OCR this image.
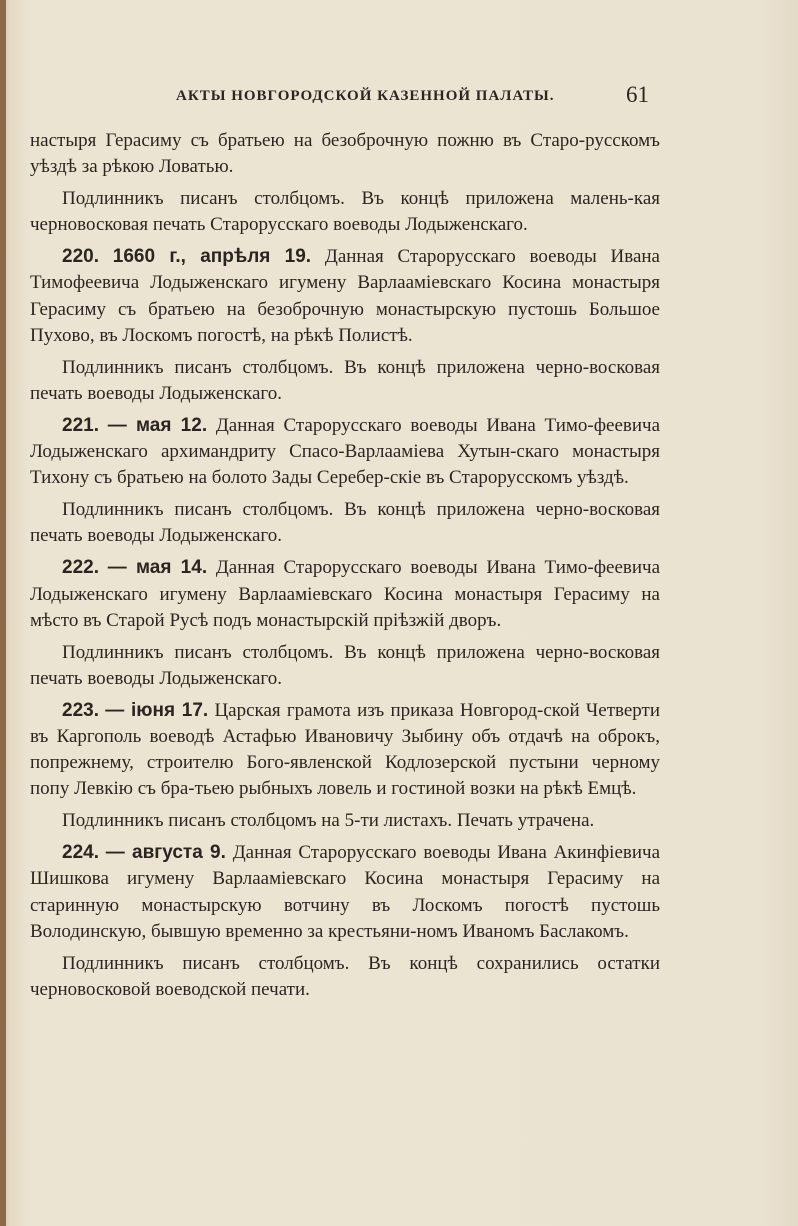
АКТЫ НОВГОРОДСКОЙ КАЗЕННОЙ ПАЛАТЫ.	61

настыря Герасиму съ братьею на безоброчную пожню въ Старо-русскомъ уѣздѣ за рѣкою Ловатью.

Подлинникъ писанъ столбцомъ. Въ концѣ приложена малень-кая черновосковая печать Старорусскаго воеводы Лодыженскаго.

220. 1660 г., апрѣля 19. Данная Старорусскаго воеводы Ивана Тимофеевича Лодыженскаго игумену Варлааміевскаго Косина монастыря Герасиму съ братьею на безоброчную монастырскую пустошь Большое Пухово, въ Лоскомъ погостѣ, на рѣкѣ Полистѣ.

Подлинникъ писанъ столбцомъ. Въ концѣ приложена черно-восковая печать воеводы Лодыженскаго.

221. — мая 12. Данная Старорусскаго воеводы Ивана Тимо-феевича Лодыженскаго архимандриту Спасо-Варлааміева Хутын-скаго монастыря Тихону съ братьею на болото Зады Серебер-скіе въ Старорусскомъ уѣздѣ.

Подлинникъ писанъ столбцомъ. Въ концѣ приложена черно-восковая печать воеводы Лодыженскаго.

222. — мая 14. Данная Старорусскаго воеводы Ивана Тимо-феевича Лодыженскаго игумену Варлааміевскаго Косина монастыря Герасиму на мѣсто въ Старой Русѣ подъ монастырскій пріѣзжій дворъ.

Подлинникъ писанъ столбцомъ. Въ концѣ приложена черно-восковая печать воеводы Лодыженскаго.

223. — іюня 17. Царская грамота изъ приказа Новгород-ской Четверти въ Каргополь воеводѣ Астафью Ивановичу Зыбину объ отдачѣ на оброкъ, попрежнему, строителю Бого-явленской Кодлозерской пустыни черному попу Левкію съ бра-тьею рыбныхъ ловель и гостиной возки на рѣкѣ Емцѣ.

Подлинникъ писанъ столбцомъ на 5-ти листахъ. Печать утрачена.

224. — августа 9. Данная Старорусскаго воеводы Ивана Акинфіевича Шишкова игумену Варлааміевскаго Косина монастыря Герасиму на старинную монастырскую вотчину въ Лоскомъ погостѣ пустошь Володинскую, бывшую временно за крестьяни-номъ Иваномъ Баслакомъ.

Подлинникъ писанъ столбцомъ. Въ концѣ сохранились остатки черновосковой воеводской печати.
